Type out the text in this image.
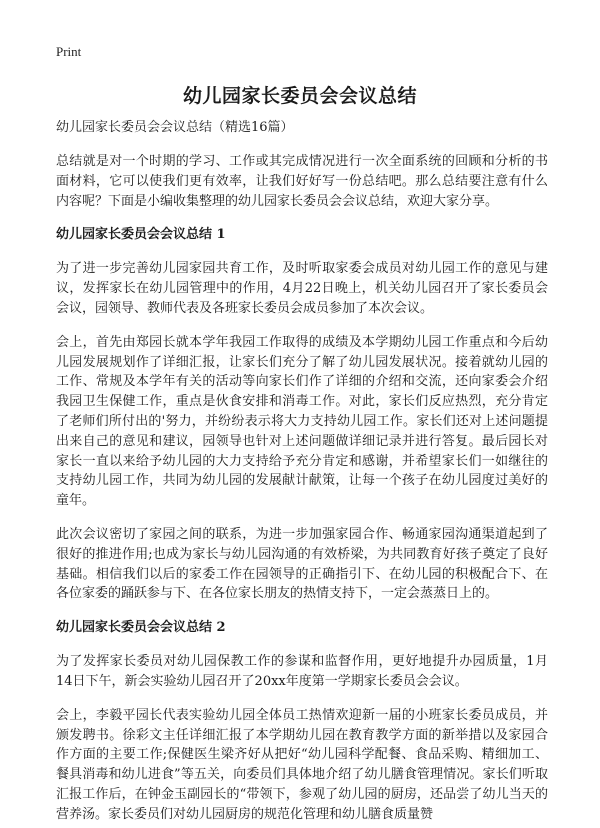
Print
幼儿园家长委员会会议总结

幼儿园家长委员会会议总结（精选16篇）

总结就是对一个时期的学习、工作或其完成情况进行一次全面系统的回顾和分析的书面材料，它可以使我们更有效率，让我们好好写一份总结吧。那么总结要注意有什么内容呢？下面是小编收集整理的幼儿园家长委员会会议总结，欢迎大家分享。

幼儿园家长委员会会议总结 1

为了进一步完善幼儿园家园共育工作，及时听取家委会成员对幼儿园工作的意见与建议，发挥家长在幼儿园管理中的作用，4月22日晚上，机关幼儿园召开了家长委员会会议，园领导、教师代表及各班家长委员会成员参加了本次会议。

会上，首先由郑园长就本学年我园工作取得的成绩及本学期幼儿园工作重点和今后幼儿园发展规划作了详细汇报，让家长们充分了解了幼儿园发展状况。接着就幼儿园的工作、常规及本学年有关的活动等向家长们作了详细的介绍和交流，还向家委会介绍我园卫生保健工作，重点是伙食安排和消毒工作。对此，家长们反应热烈，充分肯定了老师们所付出的'努力，并纷纷表示将大力支持幼儿园工作。家长们还对上述问题提出来自己的意见和建议，园领导也针对上述问题做详细记录并进行答复。最后园长对家长一直以来给予幼儿园的大力支持给予充分肯定和感谢，并希望家长们一如继往的支持幼儿园工作，共同为幼儿园的发展献计献策，让每一个孩子在幼儿园度过美好的童年。

此次会议密切了家园之间的联系，为进一步加强家园合作、畅通家园沟通渠道起到了很好的推进作用;也成为家长与幼儿园沟通的有效桥梁，为共同教育好孩子奠定了良好基础。相信我们以后的家委工作在园领导的正确指引下、在幼儿园的积极配合下、在各位家委的踊跃参与下、在各位家长朋友的热情支持下，一定会蒸蒸日上的。

幼儿园家长委员会会议总结 2

为了发挥家长委员对幼儿园保教工作的参谋和监督作用，更好地提升办园质量，1月14日下午，新会实验幼儿园召开了20xx年度第一学期家长委员会会议。

会上，李毅平园长代表实验幼儿园全体员工热情欢迎新一届的小班家长委员成员，并颁发聘书。徐彩文主任详细汇报了本学期幼儿园在教育教学方面的新举措以及家园合作方面的主要工作;保健医生梁齐好从把好“幼儿园科学配餐、食品采购、精细加工、餐具消毒和幼儿进食”等五关，向委员们具体地介绍了幼儿膳食管理情况。家长们听取汇报工作后，在钟金玉副园长的“带领下，参观了幼儿园的厨房，还品尝了幼儿当天的营养汤。家长委员们对幼儿园厨房的规范化管理和幼儿膳食质量赞
